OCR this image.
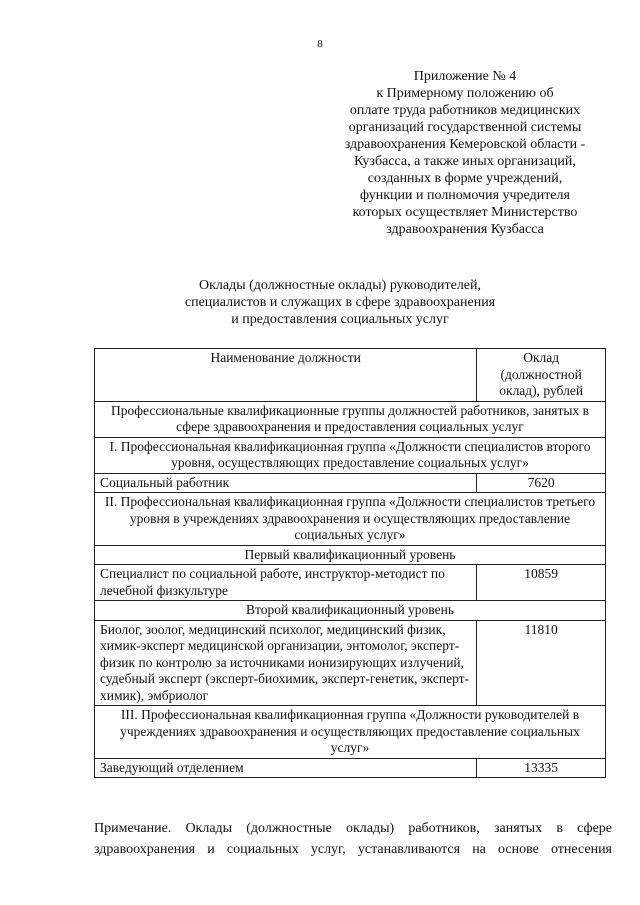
8
Приложение № 4
к Примерному положению об
оплате труда работников медицинских
организаций государственной системы
здравоохранения Кемеровской области -
Кузбасса, а также иных организаций,
созданных в форме учреждений,
функции и полномочия учредителя
которых осуществляет Министерство
здравоохранения Кузбасса
Оклады (должностные оклады) руководителей,
специалистов и служащих в сфере здравоохранения
и предоставления социальных услуг
Наименование должности	Оклад
(должностной
оклад), рублей

Профессиональные квалификационные группы должностей работников, занятых в сфере здравоохранения и предоставления социальных услуг	
I. Профессиональная квалификационная группа «Должности специалистов второго уровня, осуществляющих предоставление социальных услуг»	
Социальный работник	7620
II. Профессиональная квалификационная группа «Должности специалистов третьего уровня в учреждениях здравоохранения и осуществляющих предоставление социальных услуг»	
Первый квалификационный уровень	
Специалист по социальной работе, инструктор-методист по лечебной физкультуре	10859
Второй квалификационный уровень	
Биолог, зоолог, медицинский психолог, медицинский физик, химик-эксперт медицинской организации, энтомолог, эксперт-физик по контролю за источниками ионизирующих излучений, судебный эксперт (эксперт-биохимик, эксперт-генетик, эксперт-химик), эмбриолог	11810
III. Профессиональная квалификационная группа «Должности руководителей в учреждениях здравоохранения и осуществляющих предоставление социальных услуг»	
Заведующий отделением	13335

Примечание. Оклады (должностные оклады) работников, занятых в сфере

здравоохранения и социальных услуг, устанавливаются на основе отнесения
